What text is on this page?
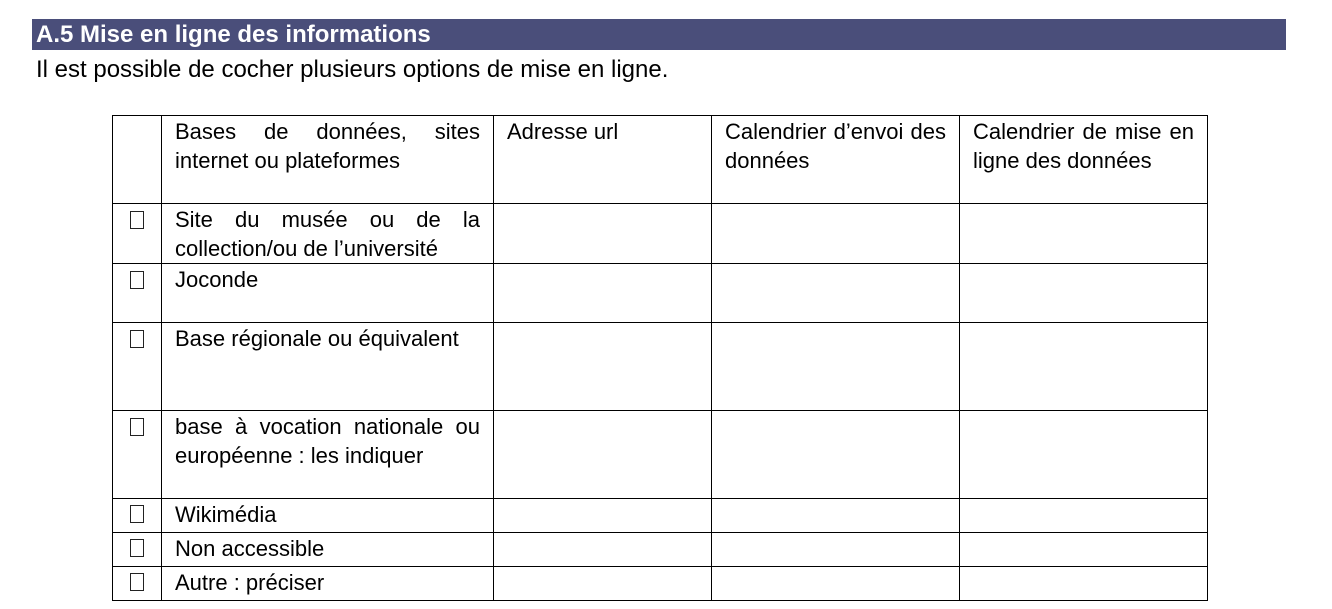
A.5 Mise en ligne des informations
Il est possible de cocher plusieurs options de mise en ligne.
	Bases de données, sites internet ou plateformes	Adresse url	Calendrier d’envoi des données	Calendrier de mise en ligne des données
	Site du musée ou de la collection/ou de l’université			
	Joconde			
	Base régionale ou équivalent			
	base à vocation nationale ou européenne : les indiquer			
	Wikimédia			
	Non accessible			
	Autre : préciser			
